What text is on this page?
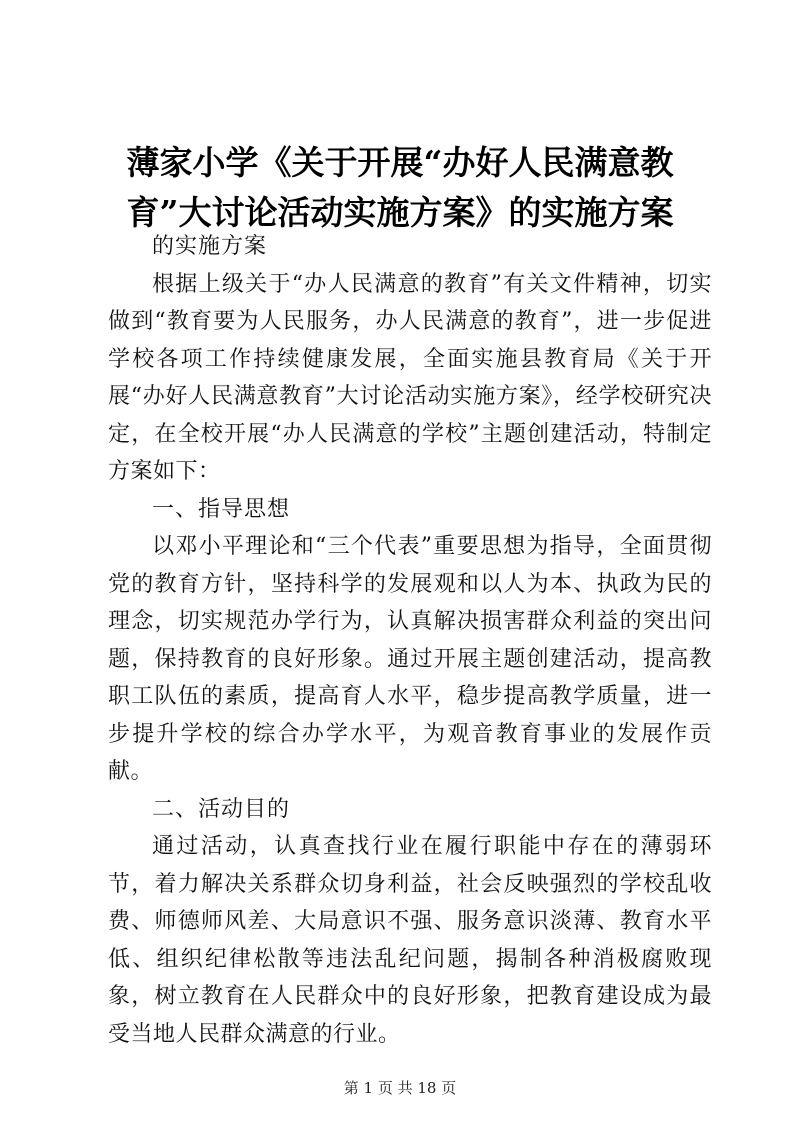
薄家小学《关于开展“办好人民满意教育”大讨论活动实施方案》的实施方案

的实施方案

根据上级关于“办人民满意的教育”有关文件精神，切实做到“教育要为人民服务，办人民满意的教育”，进一步促进学校各项工作持续健康发展，全面实施县教育局《关于开展“办好人民满意教育”大讨论活动实施方案》，经学校研究决定，在全校开展“办人民满意的学校”主题创建活动，特制定方案如下：

一、指导思想

以邓小平理论和“三个代表”重要思想为指导，全面贯彻党的教育方针，坚持科学的发展观和以人为本、执政为民的理念，切实规范办学行为，认真解决损害群众利益的突出问题，保持教育的良好形象。通过开展主题创建活动，提高教职工队伍的素质，提高育人水平，稳步提高教学质量，进一步提升学校的综合办学水平，为观音教育事业的发展作贡献。

二、活动目的

通过活动，认真查找行业在履行职能中存在的薄弱环节，着力解决关系群众切身利益，社会反映强烈的学校乱收费、师德师风差、大局意识不强、服务意识淡薄、教育水平低、组织纪律松散等违法乱纪问题，揭制各种消极腐败现象，树立教育在人民群众中的良好形象，把教育建设成为最受当地人民群众满意的行业。

第 1 页 共 18 页
